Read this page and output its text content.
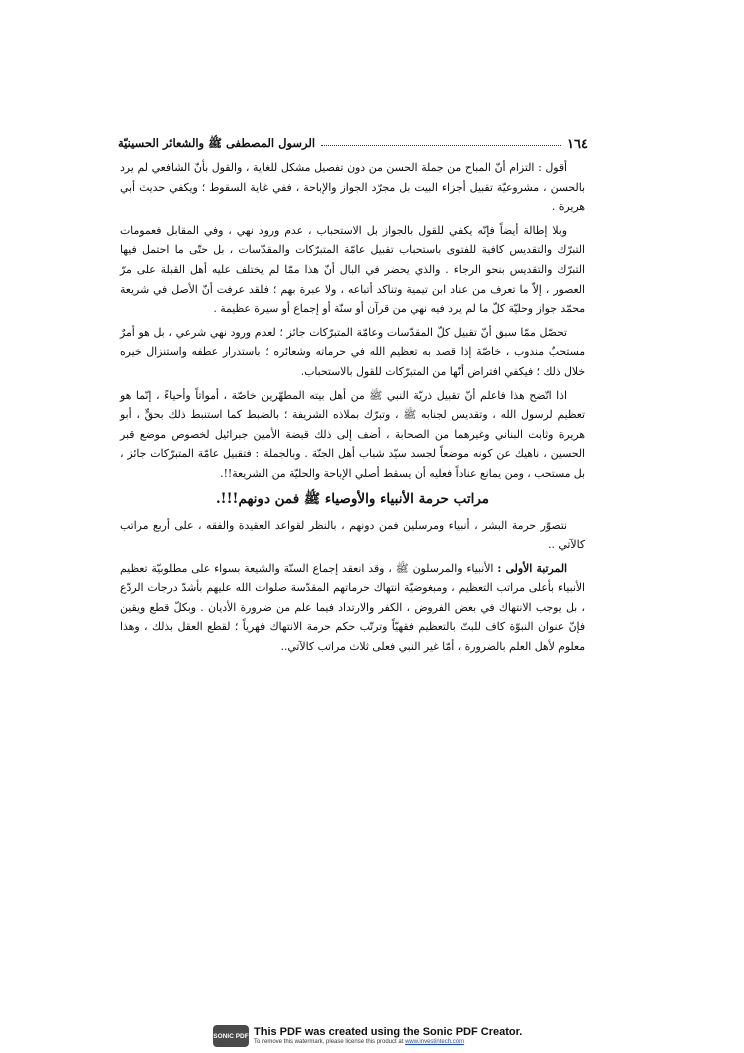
١٦٤
الرسول المصطفى ﷺ والشعائر الحسينيّة

أقول : التزام أنّ المباح من جملة الحسن من دون تفصيل مشكل للغاية ، والقول بأنّ الشافعي لم يرد بالحسن ، مشروعيّة تقبيل أجزاء البيت بل مجرّد الجواز والإباحة ، ففي غاية السقوط ؛ ويكفي حديث أبي هريرة .

وبلا إطالة أيضاً فإنّه يكفي للقول بالجواز بل الاستحباب ، عدم ورود نهي ، وفي المقابل فعمومات التبرّك والتقديس كافية للفتوى باستحباب تقبيل عامّة المتبرّكات والمقدّسات ، بل حتّى ما احتمل فيها التبرّك والتقديس بنحو الرجاء . والذي يحضر في البال أنّ هذا ممّا لم يختلف عليه أهل القبلة على مرّ العصور ، إلاّ ما تعرف من عناد ابن تيمية وتناكد أتباعه ، ولا عبرة بهم ؛ فلقد عرفت أنّ الأصل في شريعة محمّد جواز وحليّة كلّ ما لم يرد فيه نهي من قرآن أو سنّة أو إجماع أو سيرة عظيمة .

تحصّل ممّا سبق أنّ تقبيل كلّ المقدّسات وعامّة المتبرّكات جائز ؛ لعدم ورود نهي شرعي ، بل هو أمرٌ مستحبٌ مندوب ، خاصّة إذا قصد به تعظيم الله في حرماته وشعائره ؛ باستدرار عطفه واستنزال خيره خلال ذلك ؛ فيكفي افتراض أنّها من المتبرّكات للقول بالاستحباب.

اذا اتّضح هذا فاعلم أنّ تقبيل ذريّة النبي ﷺ من أهل بيته المطهّرين خاصّة ، أمواتاً وأحياءً ، إنّما هو تعظيم لرسول الله ، وتقديس لجنابه ﷺ ، وتبرّك بملاذه الشريفة ؛ بالضبط كما استنبط ذلك بحقٍّ ، أبو هريرة وثابت البناني وغيرهما من الصحابة ، أضف إلى ذلك قبضة الأمين جبرائيل لخصوص موضع قبر الحسين ، ناهيك عن كونه موضعاً لجسد سيّد شباب أهل الجنّة . وبالجملة : فتقبيل عامّة المتبرّكات جائز ، بل مستحب ، ومن يمانع عناداً فعليه أن يسقط أصلي الإباحة والحليّة من الشريعة!!.

مراتب حرمة الأنبياء والأوصياء ﷺ فمن دونهم!!!.

نتصوّر حرمة البشر ، أنبياء ومرسلين فمن دونهم ، بالنظر لقواعد العقيدة والفقه ، على أربع مراتب كالآتي ..

المرتبة الأولى : الأنبياء والمرسلون ﷺ ، وقد انعقد إجماع السنّة والشيعة بسواء على مطلوبيّة تعظيم الأنبياء بأعلى مراتب التعظيم ، ومبغوضيّة انتهاك حرماتهم المقدّسة صلوات الله عليهم بأشدّ درجات الردّع ، بل يوجب الانتهاك في بعض الفروض ، الكفر والارتداد فيما علم من ضرورة الأديان . وبكلّ قطع ويقين فإنّ عنوان النبوّة كاف للبتّ بالتعظيم فقهيّاً وترتّب حكم حرمة الانتهاك فهرياً ؛ لقطع العقل بذلك ، وهذا معلوم لأهل العلم بالضرورة ، أمّا غير النبي فعلى ثلاث مراتب كالآتي..

SONIC PDF This PDF was created using the Sonic PDF Creator.
To remove this watermark, please license this product at www.investintech.com
